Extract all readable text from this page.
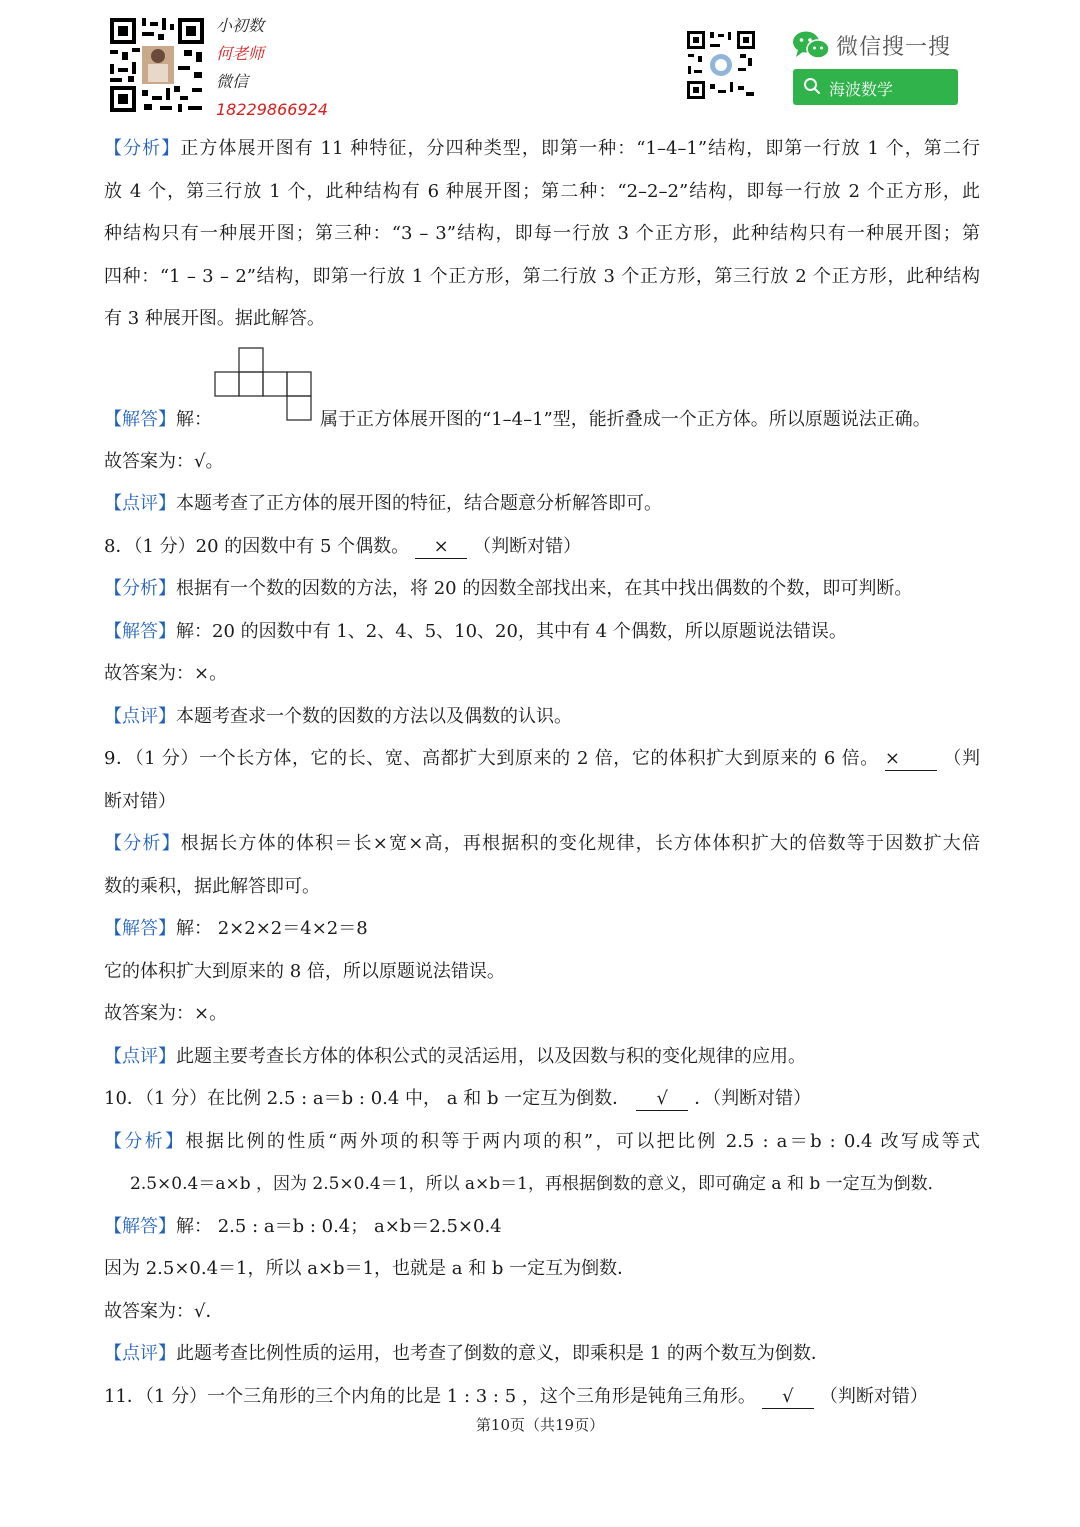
小初数
何老师
微信
18229866924
微信搜一搜
海波数学

【分析】正方体展开图有 11 种特征，分四种类型，即第一种：“1–4–1”结构，即第一行放 1 个，第二行

放 4 个，第三行放 1 个，此种结构有 6 种展开图；第二种：“2–2–2”结构，即每一行放 2 个正方形，此

种结构只有一种展开图；第三种：“3 – 3”结构，即每一行放 3 个正方形，此种结构只有一种展开图；第

四种：“1 – 3 – 2”结构，即第一行放 1 个正方形，第二行放 3 个正方形，第三行放 2 个正方形，此种结构

有 3 种展开图。据此解答。

【解答】解：	属于正方体展开图的“1–4–1”型，能折叠成一个正方体。所以原题说法正确。

故答案为：√。

【点评】本题考查了正方体的展开图的特征，结合题意分析解答即可。

8．（1 分）20 的因数中有 5 个偶数。 × （判断对错）

【分析】根据有一个数的因数的方法，将 20 的因数全部找出来，在其中找出偶数的个数，即可判断。

【解答】解：20 的因数中有 1、2、4、5、10、20，其中有 4 个偶数，所以原题说法错误。

故答案为：×。

【点评】本题考查求一个数的因数的方法以及偶数的认识。

9．（1 分）一个长方体，它的长、宽、高都扩大到原来的 2 倍，它的体积扩大到原来的 6 倍。 × （判

断对错）

【分析】根据长方体的体积＝长×宽×高，再根据积的变化规律，长方体体积扩大的倍数等于因数扩大倍

数的乘积，据此解答即可。

【解答】解： 2×2×2＝4×2＝8

它的体积扩大到原来的 8 倍，所以原题说法错误。

故答案为：×。

【点评】此题主要考查长方体的体积公式的灵活运用，以及因数与积的变化规律的应用。

10．（1 分）在比例 2.5 : a＝b : 0.4 中， a 和 b 一定互为倒数． √ ．（判断对错）

【分析】根据比例的性质“两外项的积等于两内项的积”，可以把比例 2.5 : a＝b : 0.4 改写成等式

2.5×0.4＝a×b ，因为 2.5×0.4＝1，所以 a×b＝1，再根据倒数的意义，即可确定 a 和 b 一定互为倒数．

【解答】解： 2.5 : a＝b : 0.4； a×b＝2.5×0.4

因为 2.5×0.4＝1，所以 a×b＝1，也就是 a 和 b 一定互为倒数．

故答案为：√．

【点评】此题考查比例性质的运用，也考查了倒数的意义，即乘积是 1 的两个数互为倒数．

11．（1 分）一个三角形的三个内角的比是 1 : 3 : 5 ，这个三角形是钝角三角形。 √ （判断对错）

第10页（共19页）
